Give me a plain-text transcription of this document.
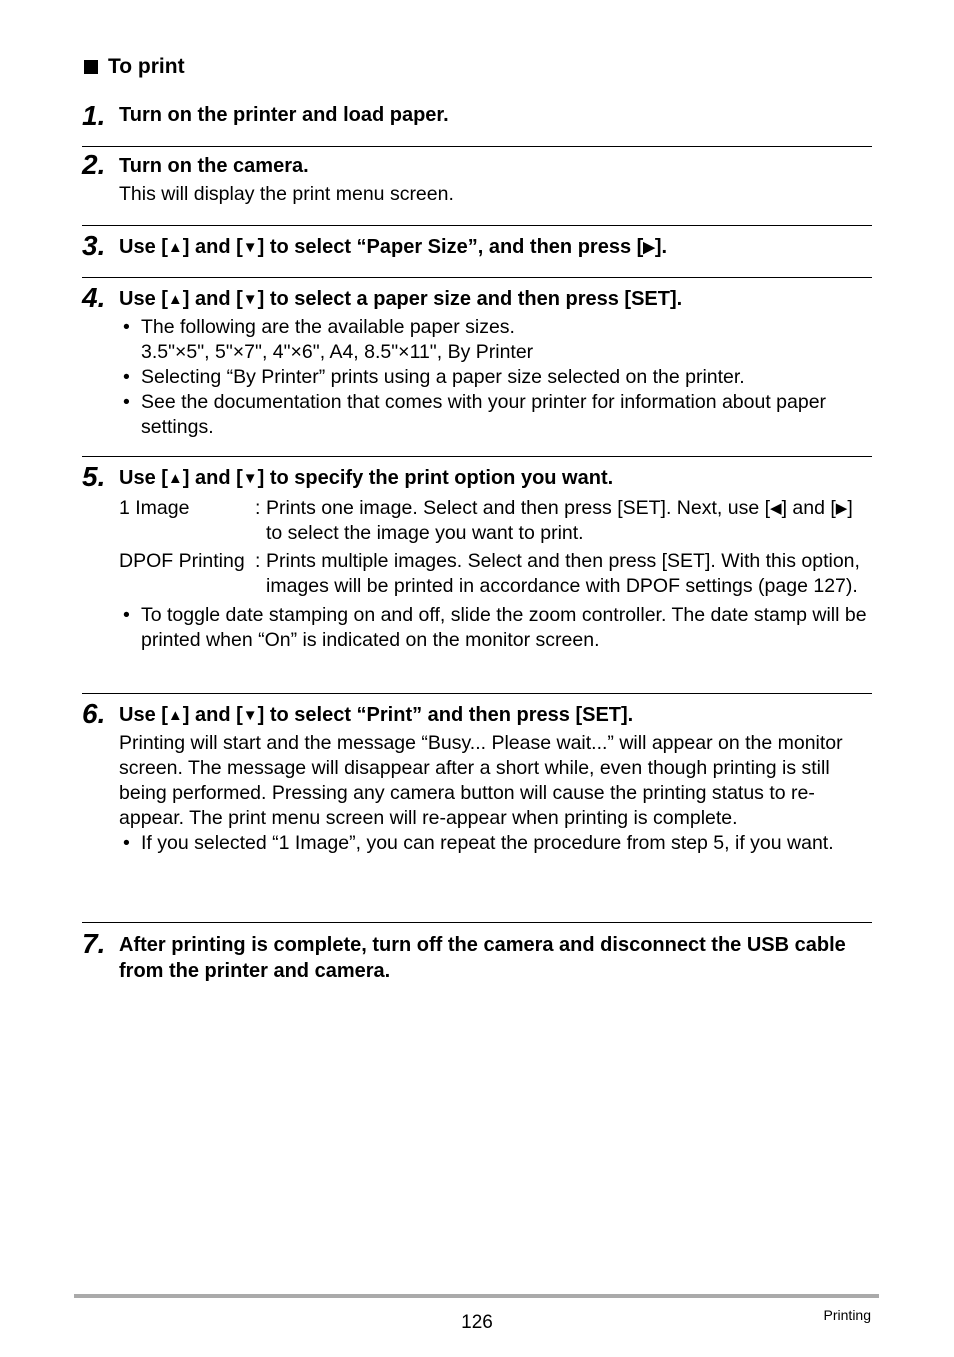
To print
1. Turn on the printer and load paper.
2. Turn on the camera.
This will display the print menu screen.
3. Use [▲] and [▼] to select “Paper Size”, and then press [▶].
4. Use [▲] and [▼] to select a paper size and then press [SET].
• The following are the available paper sizes.
3.5"×5", 5"×7", 4"×6", A4, 8.5"×11", By Printer
• Selecting “By Printer” prints using a paper size selected on the printer.
• See the documentation that comes with your printer for information about paper settings.
5. Use [▲] and [▼] to specify the print option you want.
1 Image	: Prints one image. Select and then press [SET]. Next, use [◀] and [▶] to select the image you want to print.
DPOF Printing : Prints multiple images. Select and then press [SET]. With this option, images will be printed in accordance with DPOF settings (page 127).
• To toggle date stamping on and off, slide the zoom controller. The date stamp will be printed when “On” is indicated on the monitor screen.
6. Use [▲] and [▼] to select “Print” and then press [SET].
Printing will start and the message “Busy... Please wait...” will appear on the monitor screen. The message will disappear after a short while, even though printing is still being performed. Pressing any camera button will cause the printing status to re-appear. The print menu screen will re-appear when printing is complete.
• If you selected “1 Image”, you can repeat the procedure from step 5, if you want.
7. After printing is complete, turn off the camera and disconnect the USB cable from the printer and camera.
126	Printing
